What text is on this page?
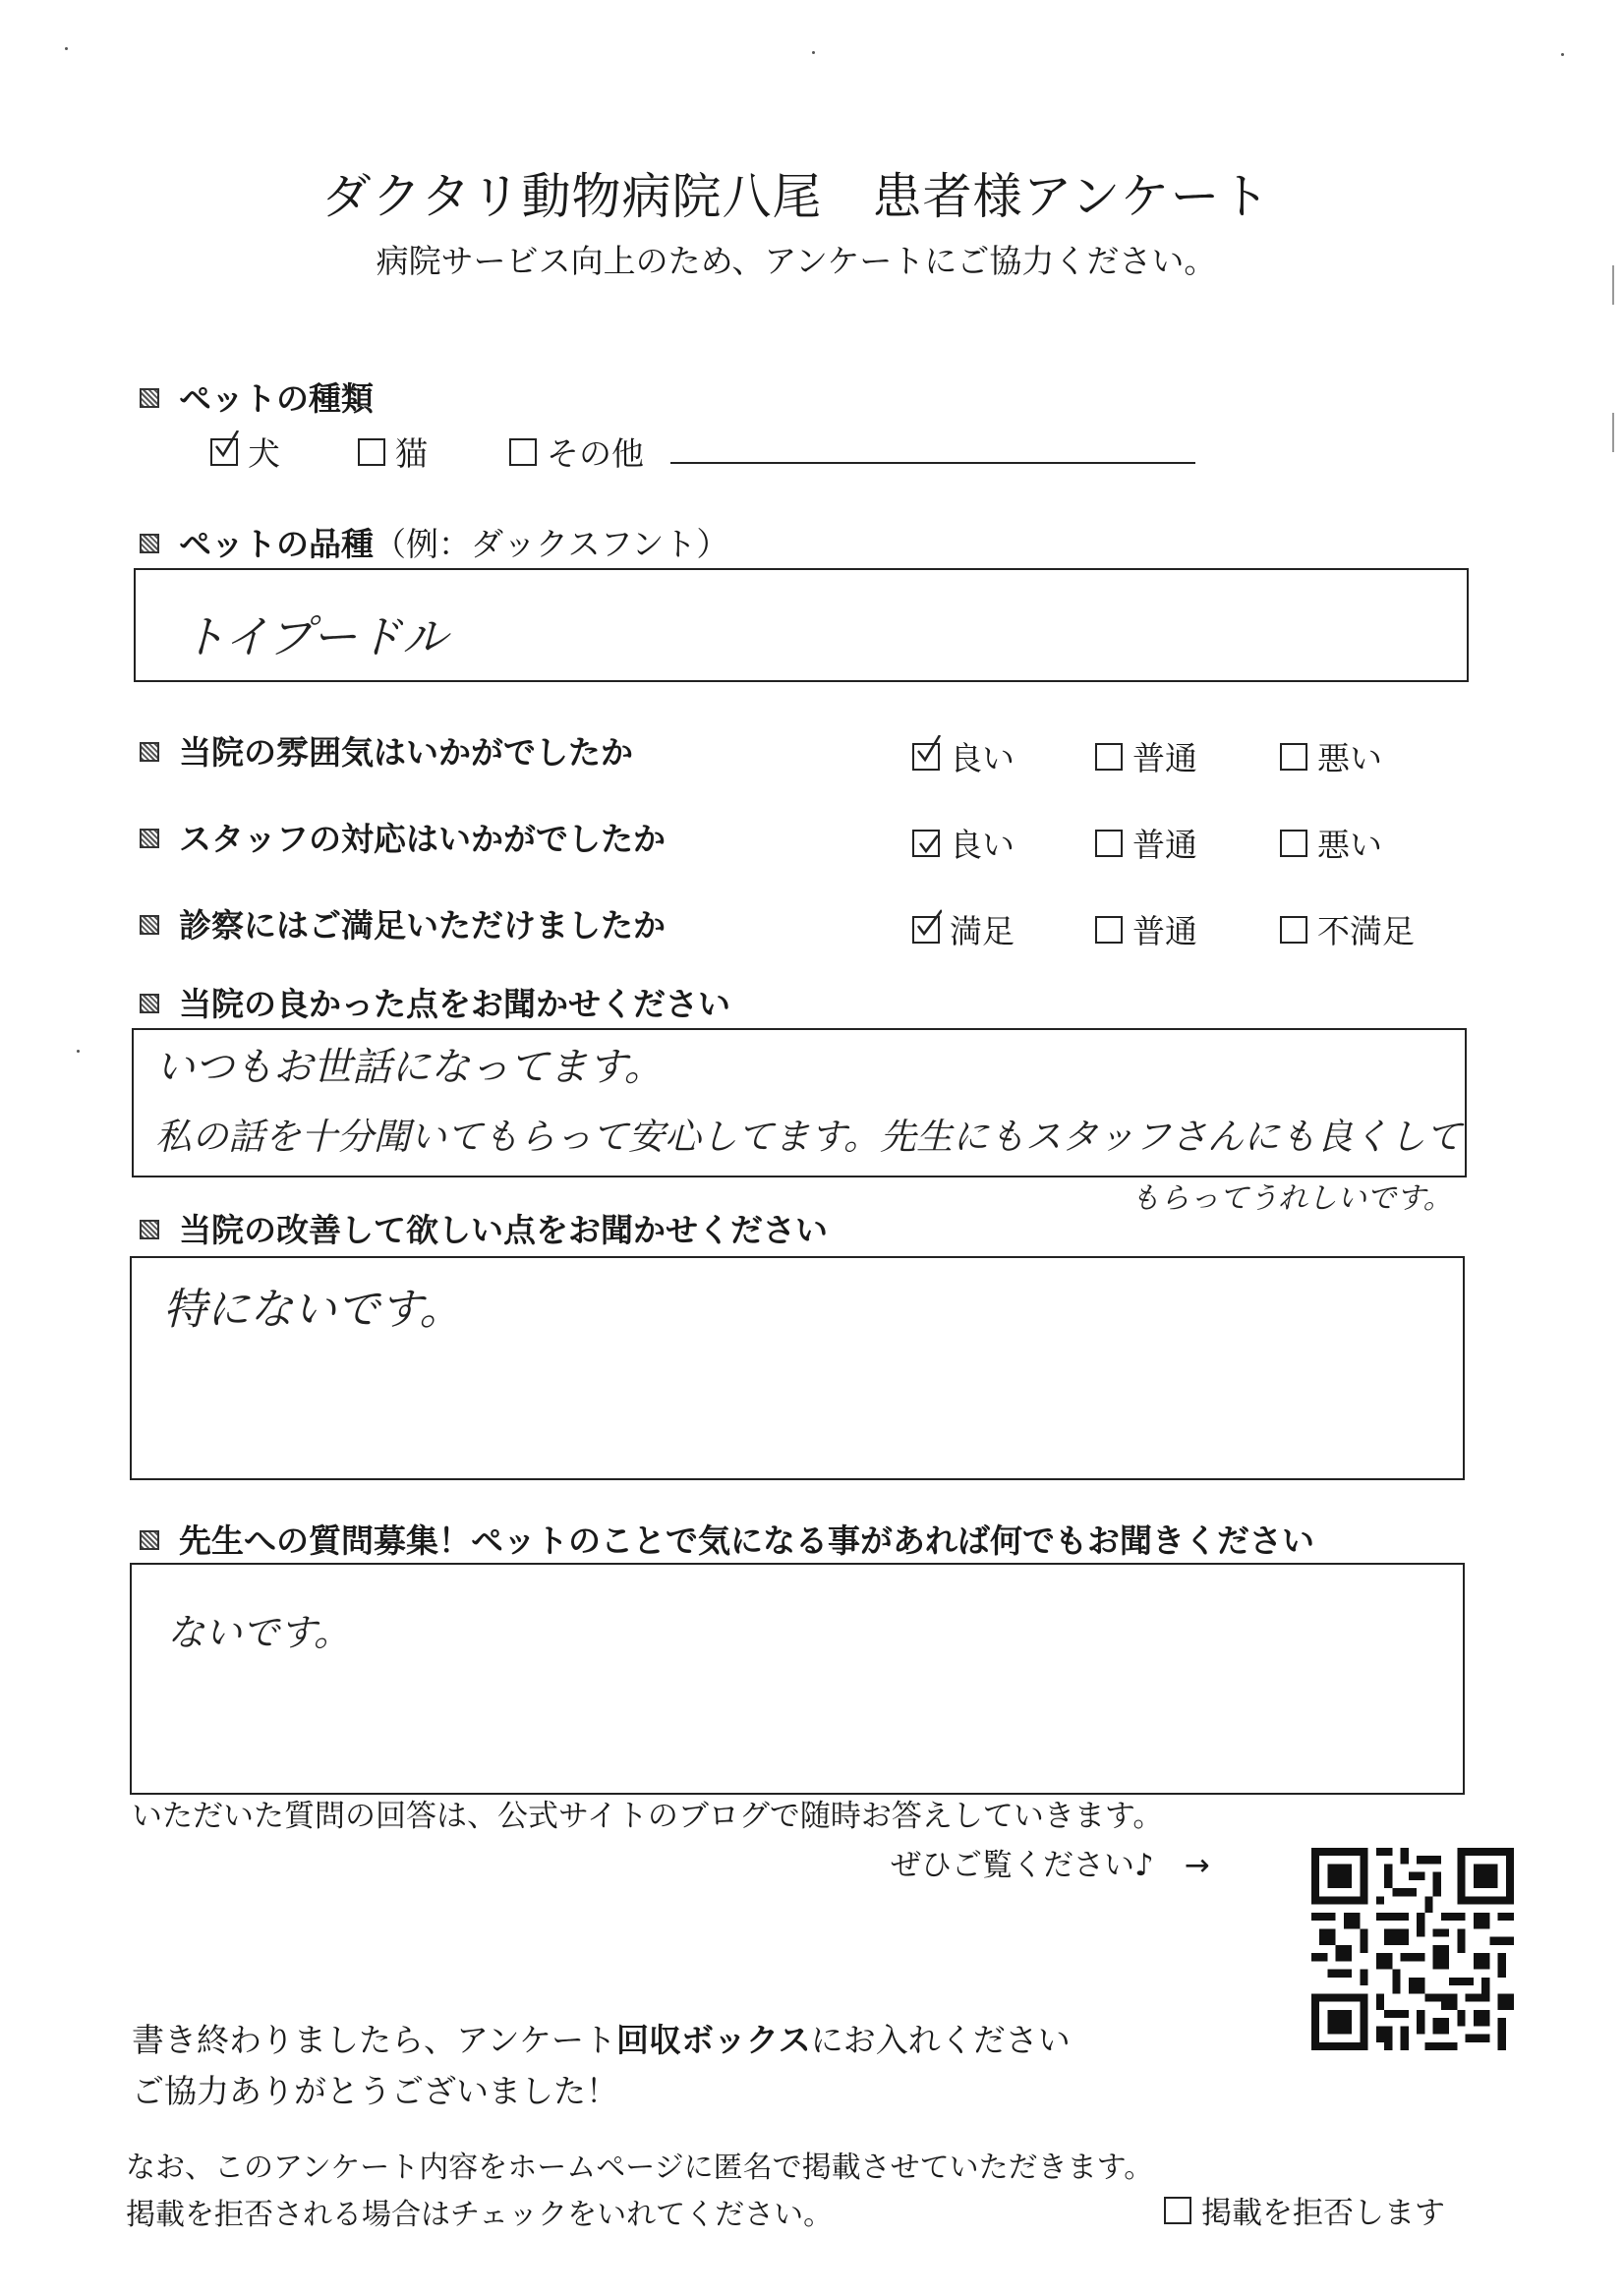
ダクタリ動物病院八尾　患者様アンケート
病院サービス向上のため、アンケートにご協力ください。
ペットの種類
犬	猫	その他
ペットの品種（例：ダックスフント）
トイプードル
当院の雰囲気はいかがでしたか	良い	普通	悪い
スタッフの対応はいかがでしたか	良い	普通	悪い
診察にはご満足いただけましたか	満足	普通	不満足
当院の良かった点をお聞かせください
いつもお世話になってます。
私の話を十分聞いてもらって安心してます。先生にもスタッフさんにも良くして
もらってうれしいです。
当院の改善して欲しい点をお聞かせください
特にないです。
先生への質問募集！ペットのことで気になる事があれば何でもお聞きください
ないです。
いただいた質問の回答は、公式サイトのブログで随時お答えしていきます。
ぜひご覧ください♪　→
書き終わりましたら、アンケート回収ボックスにお入れください
ご協力ありがとうございました！
なお、このアンケート内容をホームページに匿名で掲載させていただきます。
掲載を拒否される場合はチェックをいれてください。	掲載を拒否します
